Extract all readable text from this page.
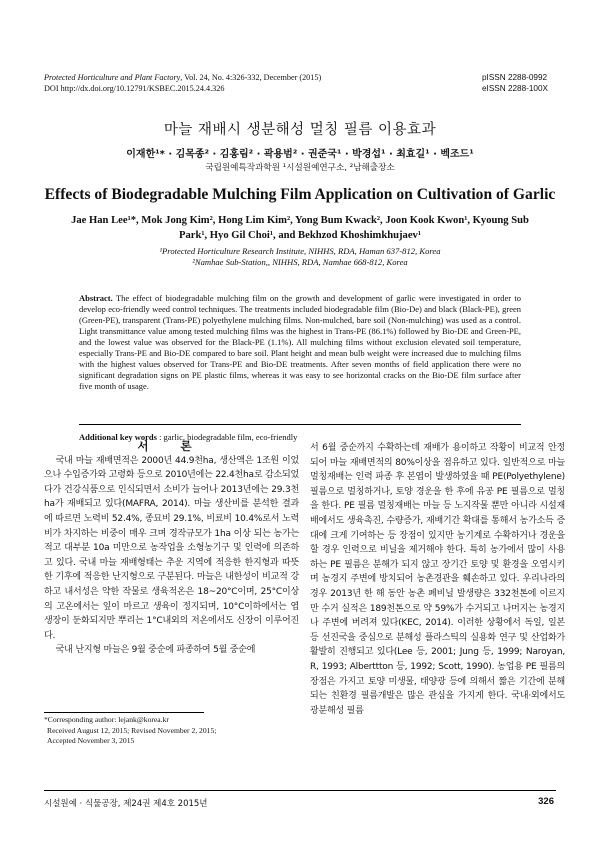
Protected Horticulture and Plant Factory, Vol. 24, No. 4:326-332, December (2015)
DOI http://dx.doi.org/10.12791/KSBEC.2015.24.4.326
pISSN 2288-0992
eISSN 2288-100X
마늘 재배시 생분해성 멀칭 필름 이용효과
이재한¹* · 김목종² · 김홍림² · 곽용범² · 권준국¹ · 박경섭¹ · 최효길¹ · 벡조드¹
국립원예특작과학원 ¹시설원예연구소, ²남해출장소
Effects of Biodegradable Mulching Film Application on Cultivation of Garlic
Jae Han Lee¹*, Mok Jong Kim², Hong Lim Kim², Yong Bum Kwack², Joon Kook Kwon¹, Kyoung Sub
Park¹, Hyo Gil Choi¹, and Bekhzod Khoshimkhujaev¹
¹Protected Horticulture Research Institute, NIHHS, RDA, Haman 637-812, Korea
²Namhae Sub-Station,, NIHHS, RDA, Namhae 668-812, Korea
Abstract. The effect of biodegradable mulching film on the growth and development of garlic were investigated in order to develop eco-friendly weed control techniques. The treatments included biodegradable film (Bio-De) and black (Black-PE), green (Green-PE), transparent (Trans-PE) polyethylene mulching films. Non-mulched, bare soil (Non-mulching) was used as a control. Light transmittance value among tested mulching films was the highest in Trans-PE (86.1%) followed by Bio-DE and Green-PE, and the lowest value was observed for the Black-PE (1.1%). All mulching films without exclusion elevated soil temperature, especially Trans-PE and Bio-DE compared to bare soil. Plant height and mean bulb weight were increased due to mulching films with the highest values observed for Trans-PE and Bio-DE treatments. After seven months of field application there were no significant degradation signs on PE plastic films, whereas it was easy to see horizontal cracks on the Bio-DE film surface after five month of usage.
Additional key words : garlic, biodegradable film, eco-friendly

서 론

국내 마늘 재배면적은 2000년 44.9천ha, 생산액은 1조원 이었으나 수입증가와 고령화 등으로 2010년에는 22.4천ha로 감소되었다가 건강식품으로 인식되면서 소비가 늘어나 2013년에는 29.3천ha가 재배되고 있다(MAFRA, 2014). 마늘 생산비를 분석한 결과에 따르면 노력비 52.4%, 종묘비 29.1%, 비료비 10.4%로서 노력비가 차지하는 비중이 매우 크며 경작규모가 1ha 이상 되는 농가는 적고 대부분 10a 미만으로 농작업을 소형농기구 및 인력에 의존하고 있다. 국내 마늘 재배형태는 추운 지역에 적응한 한지형과 따뜻한 기후에 적응한 난지형으로 구분된다. 마늘은 내한성이 비교적 강하고 내서성은 약한 작물로 생육적온은 18~20°C이며, 25°C이상의 고온에서는 잎이 마르고 생육이 정지되며, 10°C이하에서는 엽 생장이 둔화되지만 뿌리는 1°C내외의 저온에서도 신장이 이루어진다.

국내 난지형 마늘은 9월 중순에 파종하여 5월 중순에

서 6월 중순까지 수확하는데 재배가 용이하고 작황이 비교적 안정되어 마늘 재배면적의 80%이상을 점유하고 있다. 일반적으로 마늘 멀칭재배는 인력 파종 후 본엽이 발생하였을 때 PE(Polyethylene) 필름으로 멀칭하거나, 토양 경운을 한 후에 유공 PE 필름으로 멀칭을 한다. PE 필름 멀칭재배는 마늘 등 노지작물 뿐만 아니라 시설재배에서도 생육촉진, 수량증가, 재배기간 확대를 통해서 농가소득 증대에 크게 기여하는 등 장점이 있지만 농기계로 수확하거나 경운을 할 경우 인력으로 비닐을 제거해야 한다. 특히 농가에서 많이 사용하는 PE 필름은 분해가 되지 않고 장기간 토양 및 환경을 오염시키며 농경지 주변에 방치되어 농촌경관을 훼손하고 있다. 우리나라의 경우 2013년 한 해 동안 농촌 폐비닐 발생량은 332천톤에 이르지만 수거 실적은 189천톤으로 약 59%가 수거되고 나머지는 농경지나 주변에 버려져 있다(KEC, 2014). 이러한 상황에서 독일, 일본 등 선진국을 중심으로 분해성 플라스틱의 실용화 연구 및 산업화가 활발히 진행되고 있다(Lee 등, 2001; Jung 등, 1999; Naroyan, R, 1993; Alberttton 등, 1992; Scott, 1990). 농업용 PE 필름의 장점은 가지고 토양 미생물, 태양광 등에 의해서 짧은 기간에 분해되는 친환경 필름개발은 많은 관심을 가지게 한다. 국내·외에서도 광분해성 필름

*Corresponding author: lejank@korea.kr
Received August 12, 2015; Revised November 2, 2015;
Accepted November 3, 2015
시설원예 · 식물공장, 제24권 제4호 2015년	326
